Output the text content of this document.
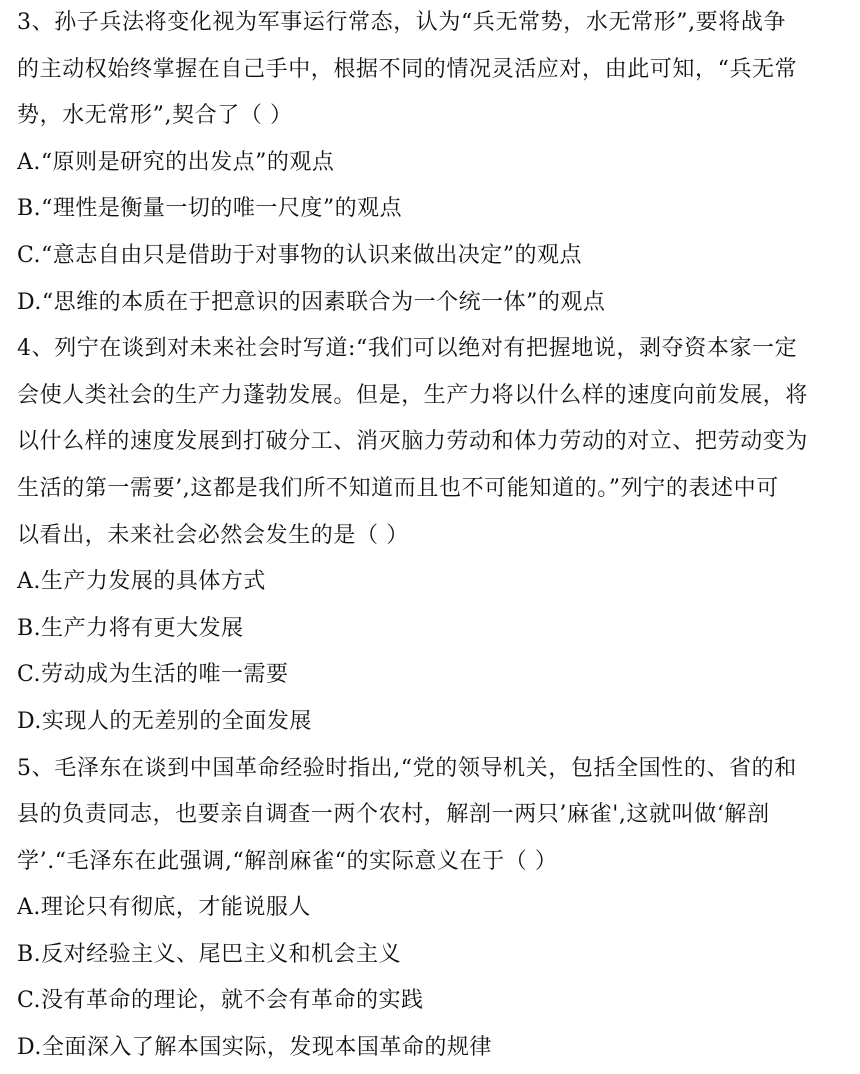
3、孙子兵法将变化视为军事运行常态，认为“兵无常势，水无常形”,要将战争
的主动权始终掌握在自己手中，根据不同的情况灵活应对，由此可知，“兵无常
势，水无常形”,契合了（ ）
A.“原则是研究的出发点”的观点
B.“理性是衡量一切的唯一尺度”的观点
C.“意志自由只是借助于对事物的认识来做出决定”的观点
D.“思维的本质在于把意识的因素联合为一个统一体”的观点
4、列宁在谈到对未来社会时写道:“我们可以绝对有把握地说，剥夺资本家一定
会使人类社会的生产力蓬勃发展。但是，生产力将以什么样的速度向前发展，将
以什么样的速度发展到打破分工、消灭脑力劳动和体力劳动的对立、把劳动变为
生活的第一需要’,这都是我们所不知道而且也不可能知道的。”列宁的表述中可
以看出，未来社会必然会发生的是（ ）
A.生产力发展的具体方式
B.生产力将有更大发展
C.劳动成为生活的唯一需要
D.实现人的无差别的全面发展
5、毛泽东在谈到中国革命经验时指出,“党的领导机关，包括全国性的、省的和
县的负责同志，也要亲自调查一两个农村，解剖一两只’麻雀',这就叫做‘解剖
学’.“毛泽东在此强调,“解剖麻雀“的实际意义在于（ ）
A.理论只有彻底，才能说服人
B.反对经验主义、尾巴主义和机会主义
C.没有革命的理论，就不会有革命的实践
D.全面深入了解本国实际，发现本国革命的规律
